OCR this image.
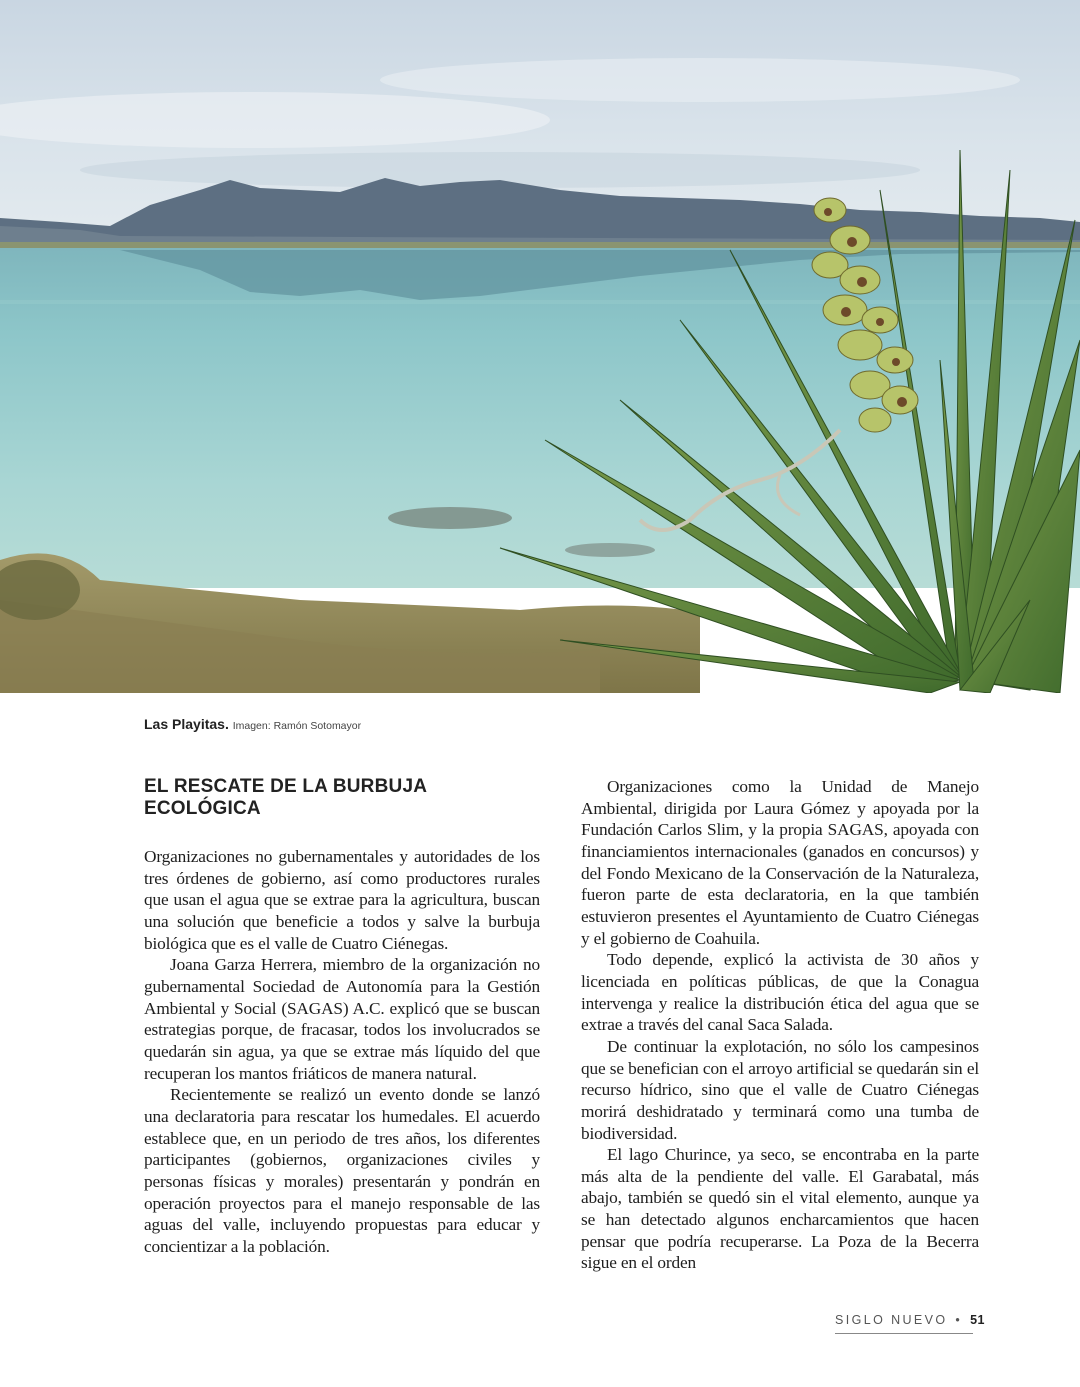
Las Playitas. Imagen: Ramón Sotomayor
EL RESCATE DE LA BURBUJA ECOLÓGICA

Organizaciones no gubernamentales y autoridades de los tres órdenes de gobierno, así como productores rurales que usan el agua que se extrae para la agricultura, buscan una solución que beneficie a todos y salve la burbuja biológica que es el valle de Cuatro Ciénegas.

Joana Garza Herrera, miembro de la organización no gubernamental Sociedad de Autonomía para la Gestión Ambiental y Social (SAGAS) A.C. explicó que se buscan estrategias porque, de fracasar, todos los involucrados se quedarán sin agua, ya que se extrae más líquido del que recuperan los mantos friáticos de manera natural.

Recientemente se realizó un evento donde se lanzó una declaratoria para rescatar los humedales. El acuerdo establece que, en un periodo de tres años, los diferentes participantes (gobiernos, organizaciones civiles y personas físicas y morales) presentarán y pondrán en operación proyectos para el manejo responsable de las aguas del valle, incluyendo propuestas para educar y concientizar a la población.

Organizaciones como la Unidad de Manejo Ambiental, dirigida por Laura Gómez y apoyada por la Fundación Carlos Slim, y la propia SAGAS, apoyada con financiamientos internacionales (ganados en concursos) y del Fondo Mexicano de la Conservación de la Naturaleza, fueron parte de esta declaratoria, en la que también estuvieron presentes el Ayuntamiento de Cuatro Ciénegas y el gobierno de Coahuila.

Todo depende, explicó la activista de 30 años y licenciada en políticas públicas, de que la Conagua intervenga y realice la distribución ética del agua que se extrae a través del canal Saca Salada.

De continuar la explotación, no sólo los campesinos que se benefician con el arroyo artificial se quedarán sin el recurso hídrico, sino que el valle de Cuatro Ciénegas morirá deshidratado y terminará como una tumba de biodiversidad.

El lago Churince, ya seco, se encontraba en la parte más alta de la pendiente del valle. El Garabatal, más abajo, también se quedó sin el vital elemento, aunque ya se han detectado algunos encharcamientos que hacen pensar que podría recuperarse. La Poza de la Becerra sigue en el orden

SIGLO NUEVO • 51
